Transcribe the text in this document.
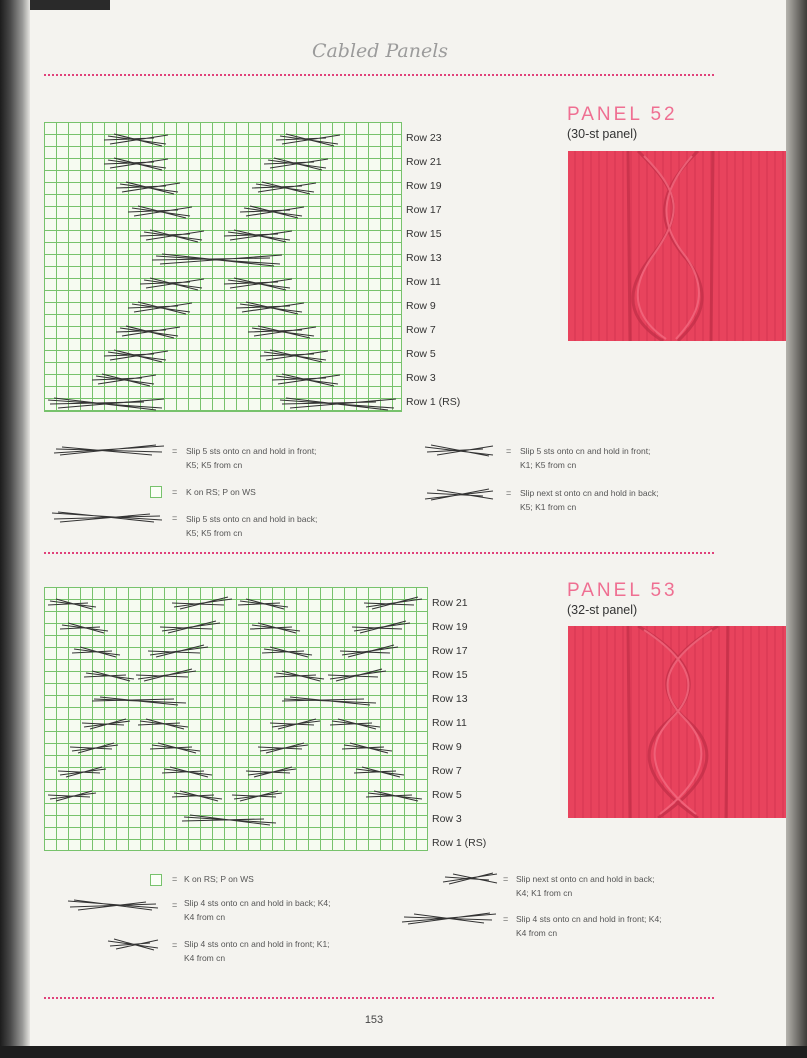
Cabled Panels
PANEL 52
(30-st panel)
Row 23
Row 21
Row 19
Row 17
Row 15
Row 13
Row 11
Row 9
Row 7
Row 5
Row 3
Row 1 (RS)
= Slip 5 sts onto cn and hold in front;
K5; K5 from cn
= K on RS; P on WS
= Slip 5 sts onto cn and hold in back;
K5; K5 from cn
= Slip 5 sts onto cn and hold in front;
K1; K5 from cn
= Slip next st onto cn and hold in back;
K5; K1 from cn
PANEL 53
(32-st panel)
Row 21
Row 19
Row 17
Row 15
Row 13
Row 11
Row 9
Row 7
Row 5
Row 3
Row 1 (RS)
= K on RS; P on WS
= Slip 4 sts onto cn and hold in back; K4;
K4 from cn
= Slip 4 sts onto cn and hold in front; K1;
K4 from cn
= Slip next st onto cn and hold in back;
K4; K1 from cn
= Slip 4 sts onto cn and hold in front; K4;
K4 from cn
153
